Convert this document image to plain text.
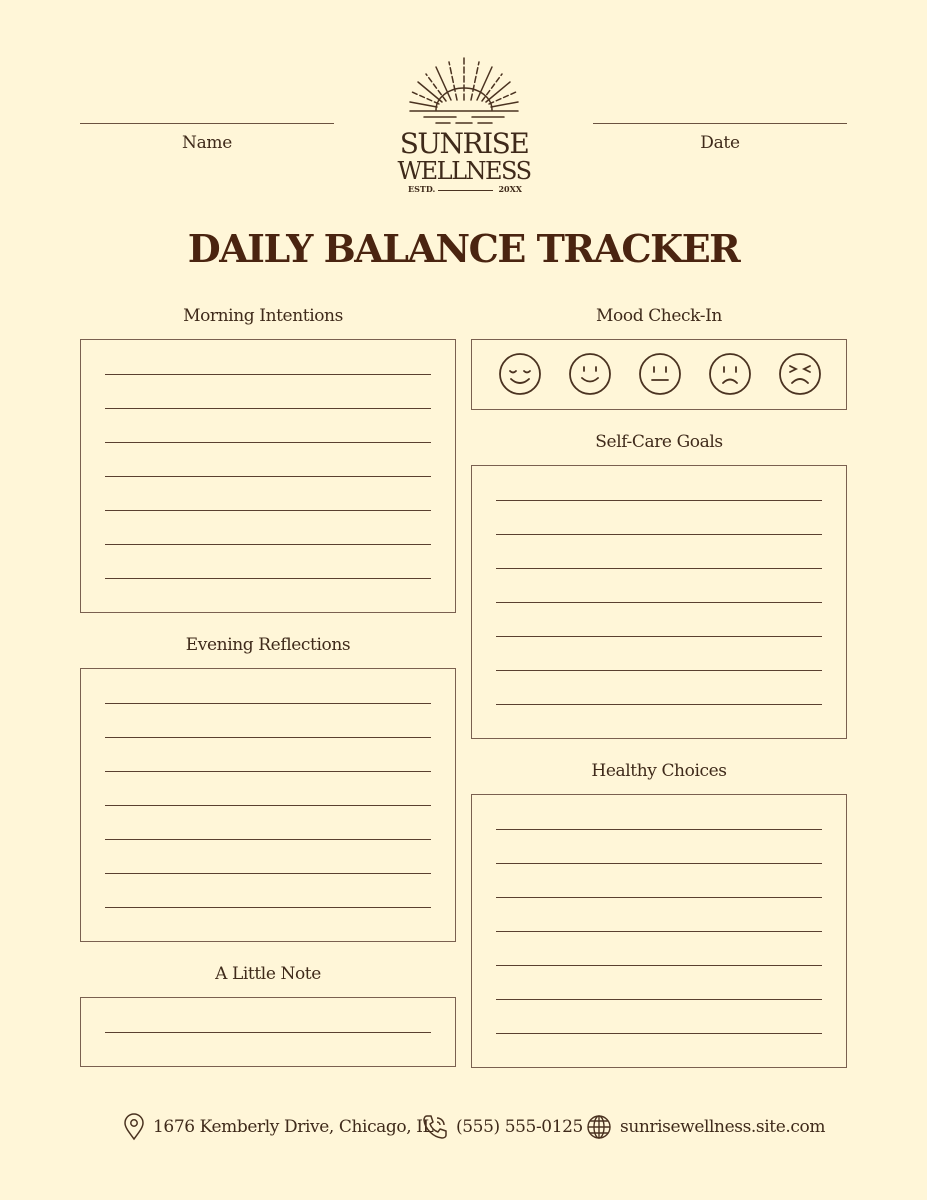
Name	Date
SUNRISE
WELLNESS
ESTD.	20XX
DAILY BALANCE TRACKER
Morning Intentions
Evening Reflections
A Little Note
Mood Check-In
Self-Care Goals
Healthy Choices
1676 Kemberly Drive, Chicago, IL (555) 555-0125 sunrisewellness.site.com
